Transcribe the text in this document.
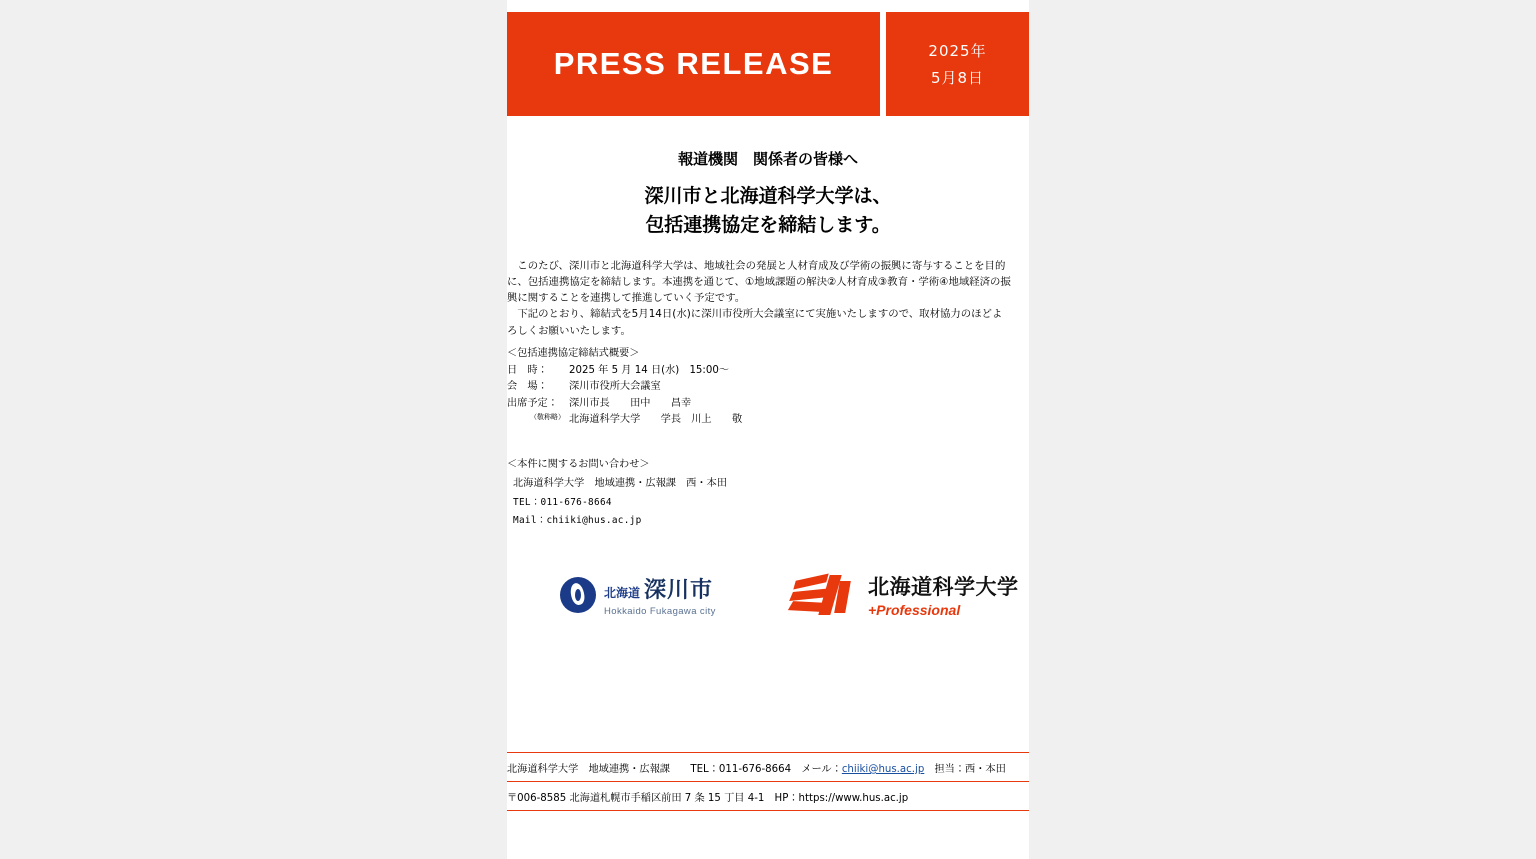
PRESS RELEASE	2025年
5月8日
報道機関　関係者の皆様へ
深川市と北海道科学大学は、
包括連携協定を締結します。

このたび、深川市と北海道科学大学は、地域社会の発展と人材育成及び学術の振興に寄与することを目的に、包括連携協定を締結します。本連携を通じて、①地域課題の解決②人材育成③教育・学術④地域経済の振興に関することを連携して推進していく予定です。

下記のとおり、締結式を5月14日(水)に深川市役所大会議室にて実施いたしますので、取材協力のほどよろしくお願いいたします。

＜包括連携協定締結式概要＞
日　時：	2025 年 5 月 14 日(水)　15:00〜
会　場：	深川市役所大会議室
出席予定：	深川市長　　田中　　昌幸
（敬称略） 北海道科学大学　　学長　川上　　敬
＜本件に関するお問い合わせ＞
北海道科学大学　地域連携・広報課　西・本田
TEL：011-676-8664
Mail：chiiki@hus.ac.jp
北海道 深川市
Hokkaido Fukagawa city
北海道科学大学
+Professional
北海道科学大学　地域連携・広報課　　TEL：011-676-8664　メール：chiiki@hus.ac.jp　担当：西・本田
〒006-8585 北海道札幌市手稲区前田 7 条 15 丁目 4-1　HP：https://www.hus.ac.jp
